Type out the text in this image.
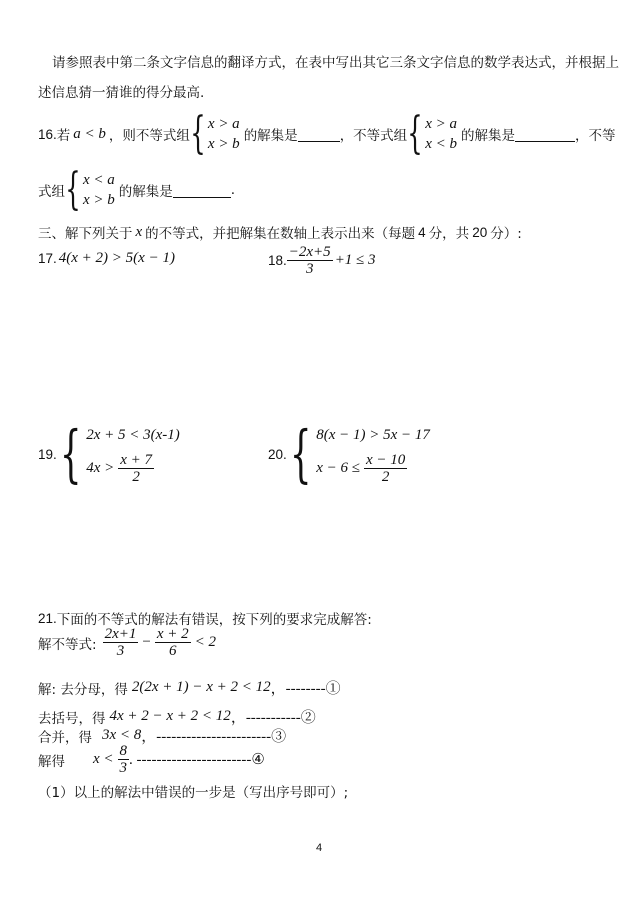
请参照表中第二条文字信息的翻译方式，在表中写出其它三条文字信息的数学表达式，并根据上
述信息猜一猜谁的得分最高.
16. 若 a < b ，则不等式组 { x > a
x > b 的解集是	，不等式组 { x > a
x < b 的解集是	，不等
式组 { x < a
x > b 的解集是	.
三、解下列关于 x 的不等式，并把解集在数轴上表示出来（每题 4 分，共 20 分）:
17. 4(x + 2) > 5(x − 1)	18. $\frac{-2x+5}{3} +1 \le 3$
19. { 2x + 5 < 3(x-1)
$4x > \frac{x + 7}{2}$	20. { 8(x − 1) > 5x − 17
$x - 6 \le \frac{x - 10}{2}$
21. 下面的不等式的解法有错误，按下列的要求完成解答:
解不等式: $\frac{2x+1}{3} - \frac{x + 2}{6} < 2$
解: 去分母，得 2(2x + 1) − x + 2 < 12 ，--------①
去括号，得 4x + 2 − x + 2 < 12 ，-----------②
合并，得 3x < 8 ，-----------------------③
解得 $x < \frac{8}{3}$ . -----------------------④
（1）以上的解法中错误的一步是（写出序号即可）;
4
